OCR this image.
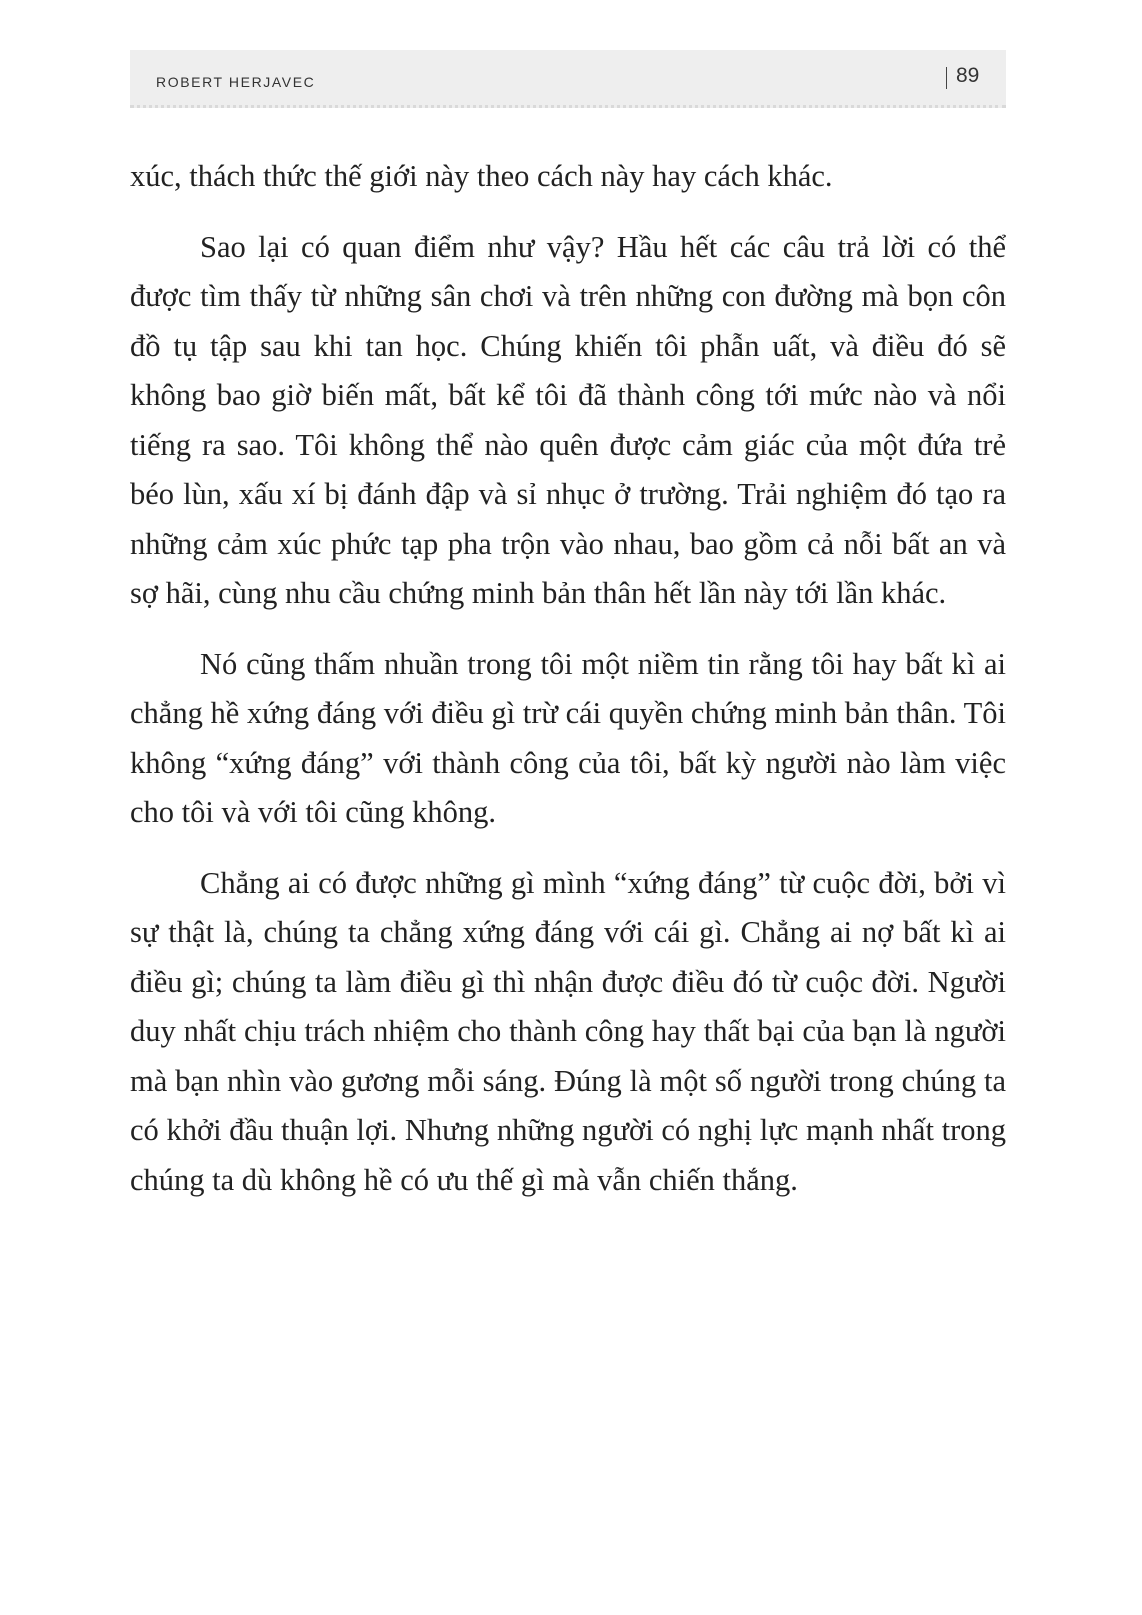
ROBERT HERJAVEC	89

xúc, thách thức thế giới này theo cách này hay cách khác.

Sao lại có quan điểm như vậy? Hầu hết các câu trả lời có thể được tìm thấy từ những sân chơi và trên những con đường mà bọn côn đồ tụ tập sau khi tan học. Chúng khiến tôi phẫn uất, và điều đó sẽ không bao giờ biến mất, bất kể tôi đã thành công tới mức nào và nổi tiếng ra sao. Tôi không thể nào quên được cảm giác của một đứa trẻ béo lùn, xấu xí bị đánh đập và sỉ nhục ở trường. Trải nghiệm đó tạo ra những cảm xúc phức tạp pha trộn vào nhau, bao gồm cả nỗi bất an và sợ hãi, cùng nhu cầu chứng minh bản thân hết lần này tới lần khác.

Nó cũng thấm nhuần trong tôi một niềm tin rằng tôi hay bất kì ai chẳng hề xứng đáng với điều gì trừ cái quyền chứng minh bản thân. Tôi không “xứng đáng” với thành công của tôi, bất kỳ người nào làm việc cho tôi và với tôi cũng không.

Chẳng ai có được những gì mình “xứng đáng” từ cuộc đời, bởi vì sự thật là, chúng ta chẳng xứng đáng với cái gì. Chẳng ai nợ bất kì ai điều gì; chúng ta làm điều gì thì nhận được điều đó từ cuộc đời. Người duy nhất chịu trách nhiệm cho thành công hay thất bại của bạn là người mà bạn nhìn vào gương mỗi sáng. Đúng là một số người trong chúng ta có khởi đầu thuận lợi. Nhưng những người có nghị lực mạnh nhất trong chúng ta dù không hề có ưu thế gì mà vẫn chiến thắng.
